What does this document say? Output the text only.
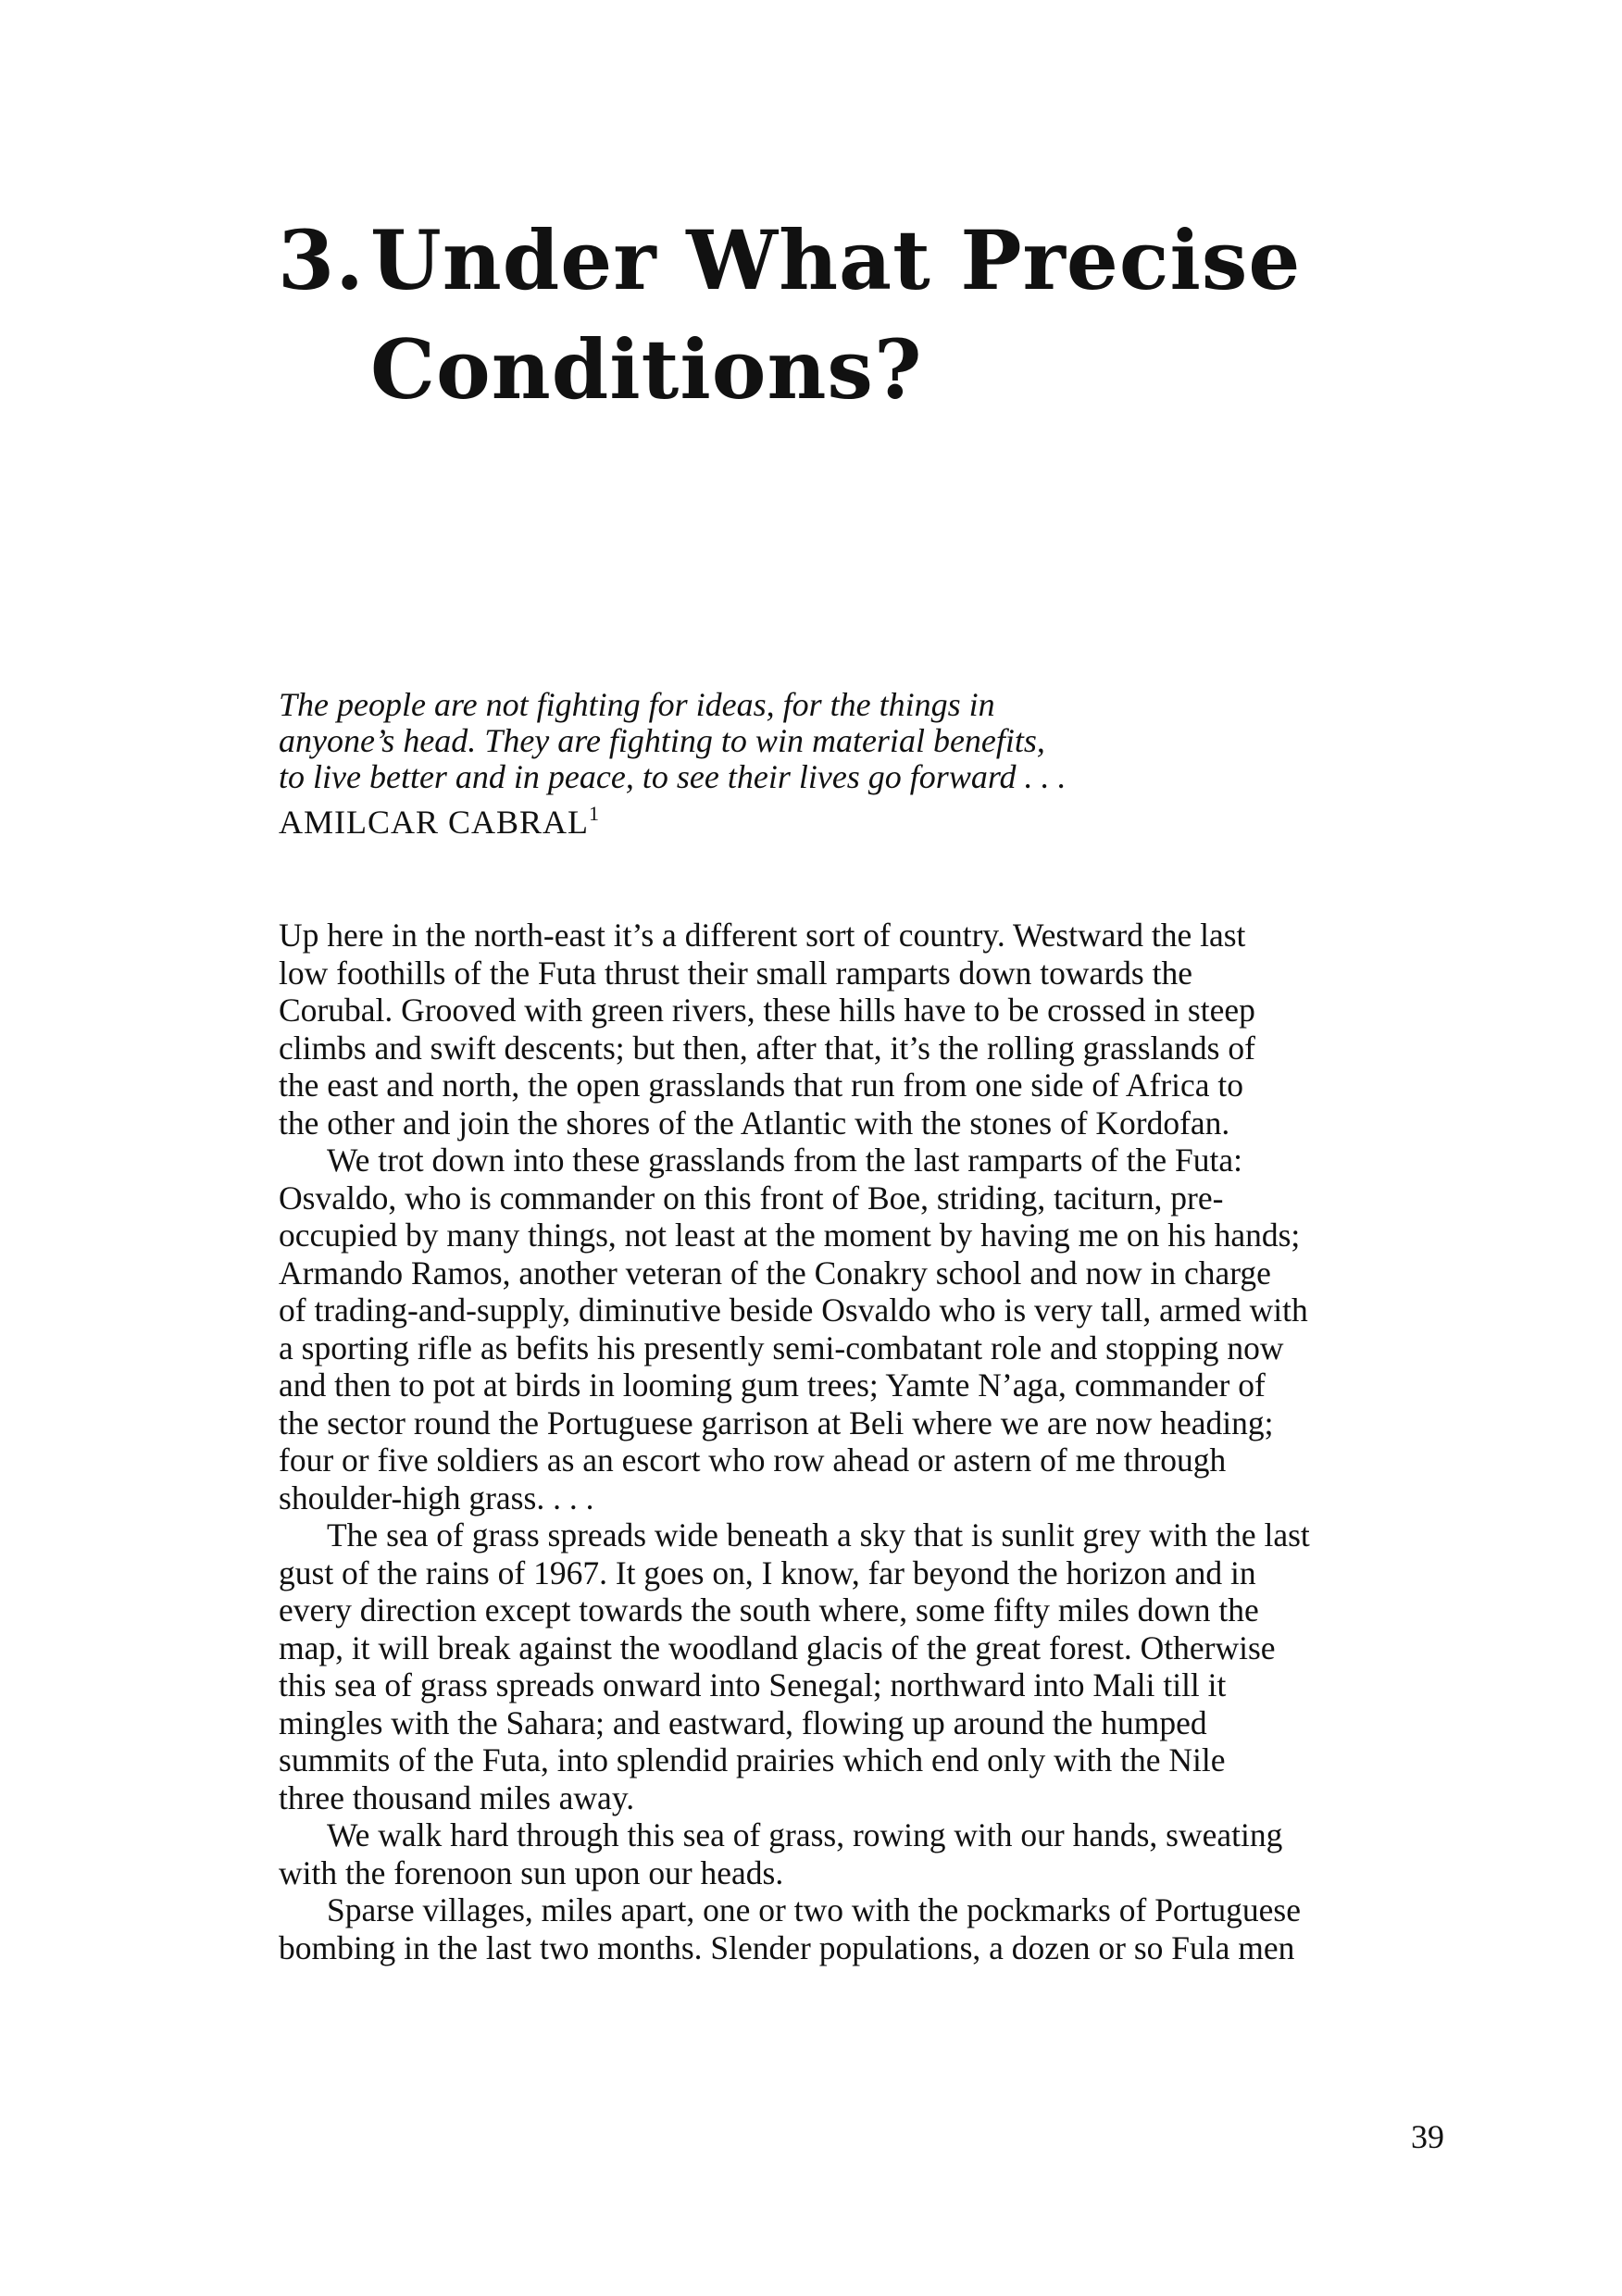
3.Under What Precise
Conditions?

The people are not fighting for ideas, for the things in
anyone’s head. They are fighting to win material benefits,
to live better and in peace, to see their lives go forward . . .

AMILCAR CABRAL$^1$

Up here in the north-east it’s a different sort of country. Westward the last
low foothills of the Futa thrust their small ramparts down towards the
Corubal. Grooved with green rivers, these hills have to be crossed in steep
climbs and swift descents; but then, after that, it’s the rolling grasslands of
the east and north, the open grasslands that run from one side of Africa to
the other and join the shores of the Atlantic with the stones of Kordofan.

We trot down into these grasslands from the last ramparts of the Futa:
Osvaldo, who is commander on this front of Boe, striding, taciturn, pre-
occupied by many things, not least at the moment by having me on his hands;
Armando Ramos, another veteran of the Conakry school and now in charge
of trading-and-supply, diminutive beside Osvaldo who is very tall, armed with
a sporting rifle as befits his presently semi-combatant role and stopping now
and then to pot at birds in looming gum trees; Yamte N’aga, commander of
the sector round the Portuguese garrison at Beli where we are now heading;
four or five soldiers as an escort who row ahead or astern of me through
shoulder-high grass. . . .

The sea of grass spreads wide beneath a sky that is sunlit grey with the last
gust of the rains of 1967. It goes on, I know, far beyond the horizon and in
every direction except towards the south where, some fifty miles down the
map, it will break against the woodland glacis of the great forest. Otherwise
this sea of grass spreads onward into Senegal; northward into Mali till it
mingles with the Sahara; and eastward, flowing up around the humped
summits of the Futa, into splendid prairies which end only with the Nile
three thousand miles away.

We walk hard through this sea of grass, rowing with our hands, sweating
with the forenoon sun upon our heads.

Sparse villages, miles apart, one or two with the pockmarks of Portuguese
bombing in the last two months. Slender populations, a dozen or so Fula men

39
